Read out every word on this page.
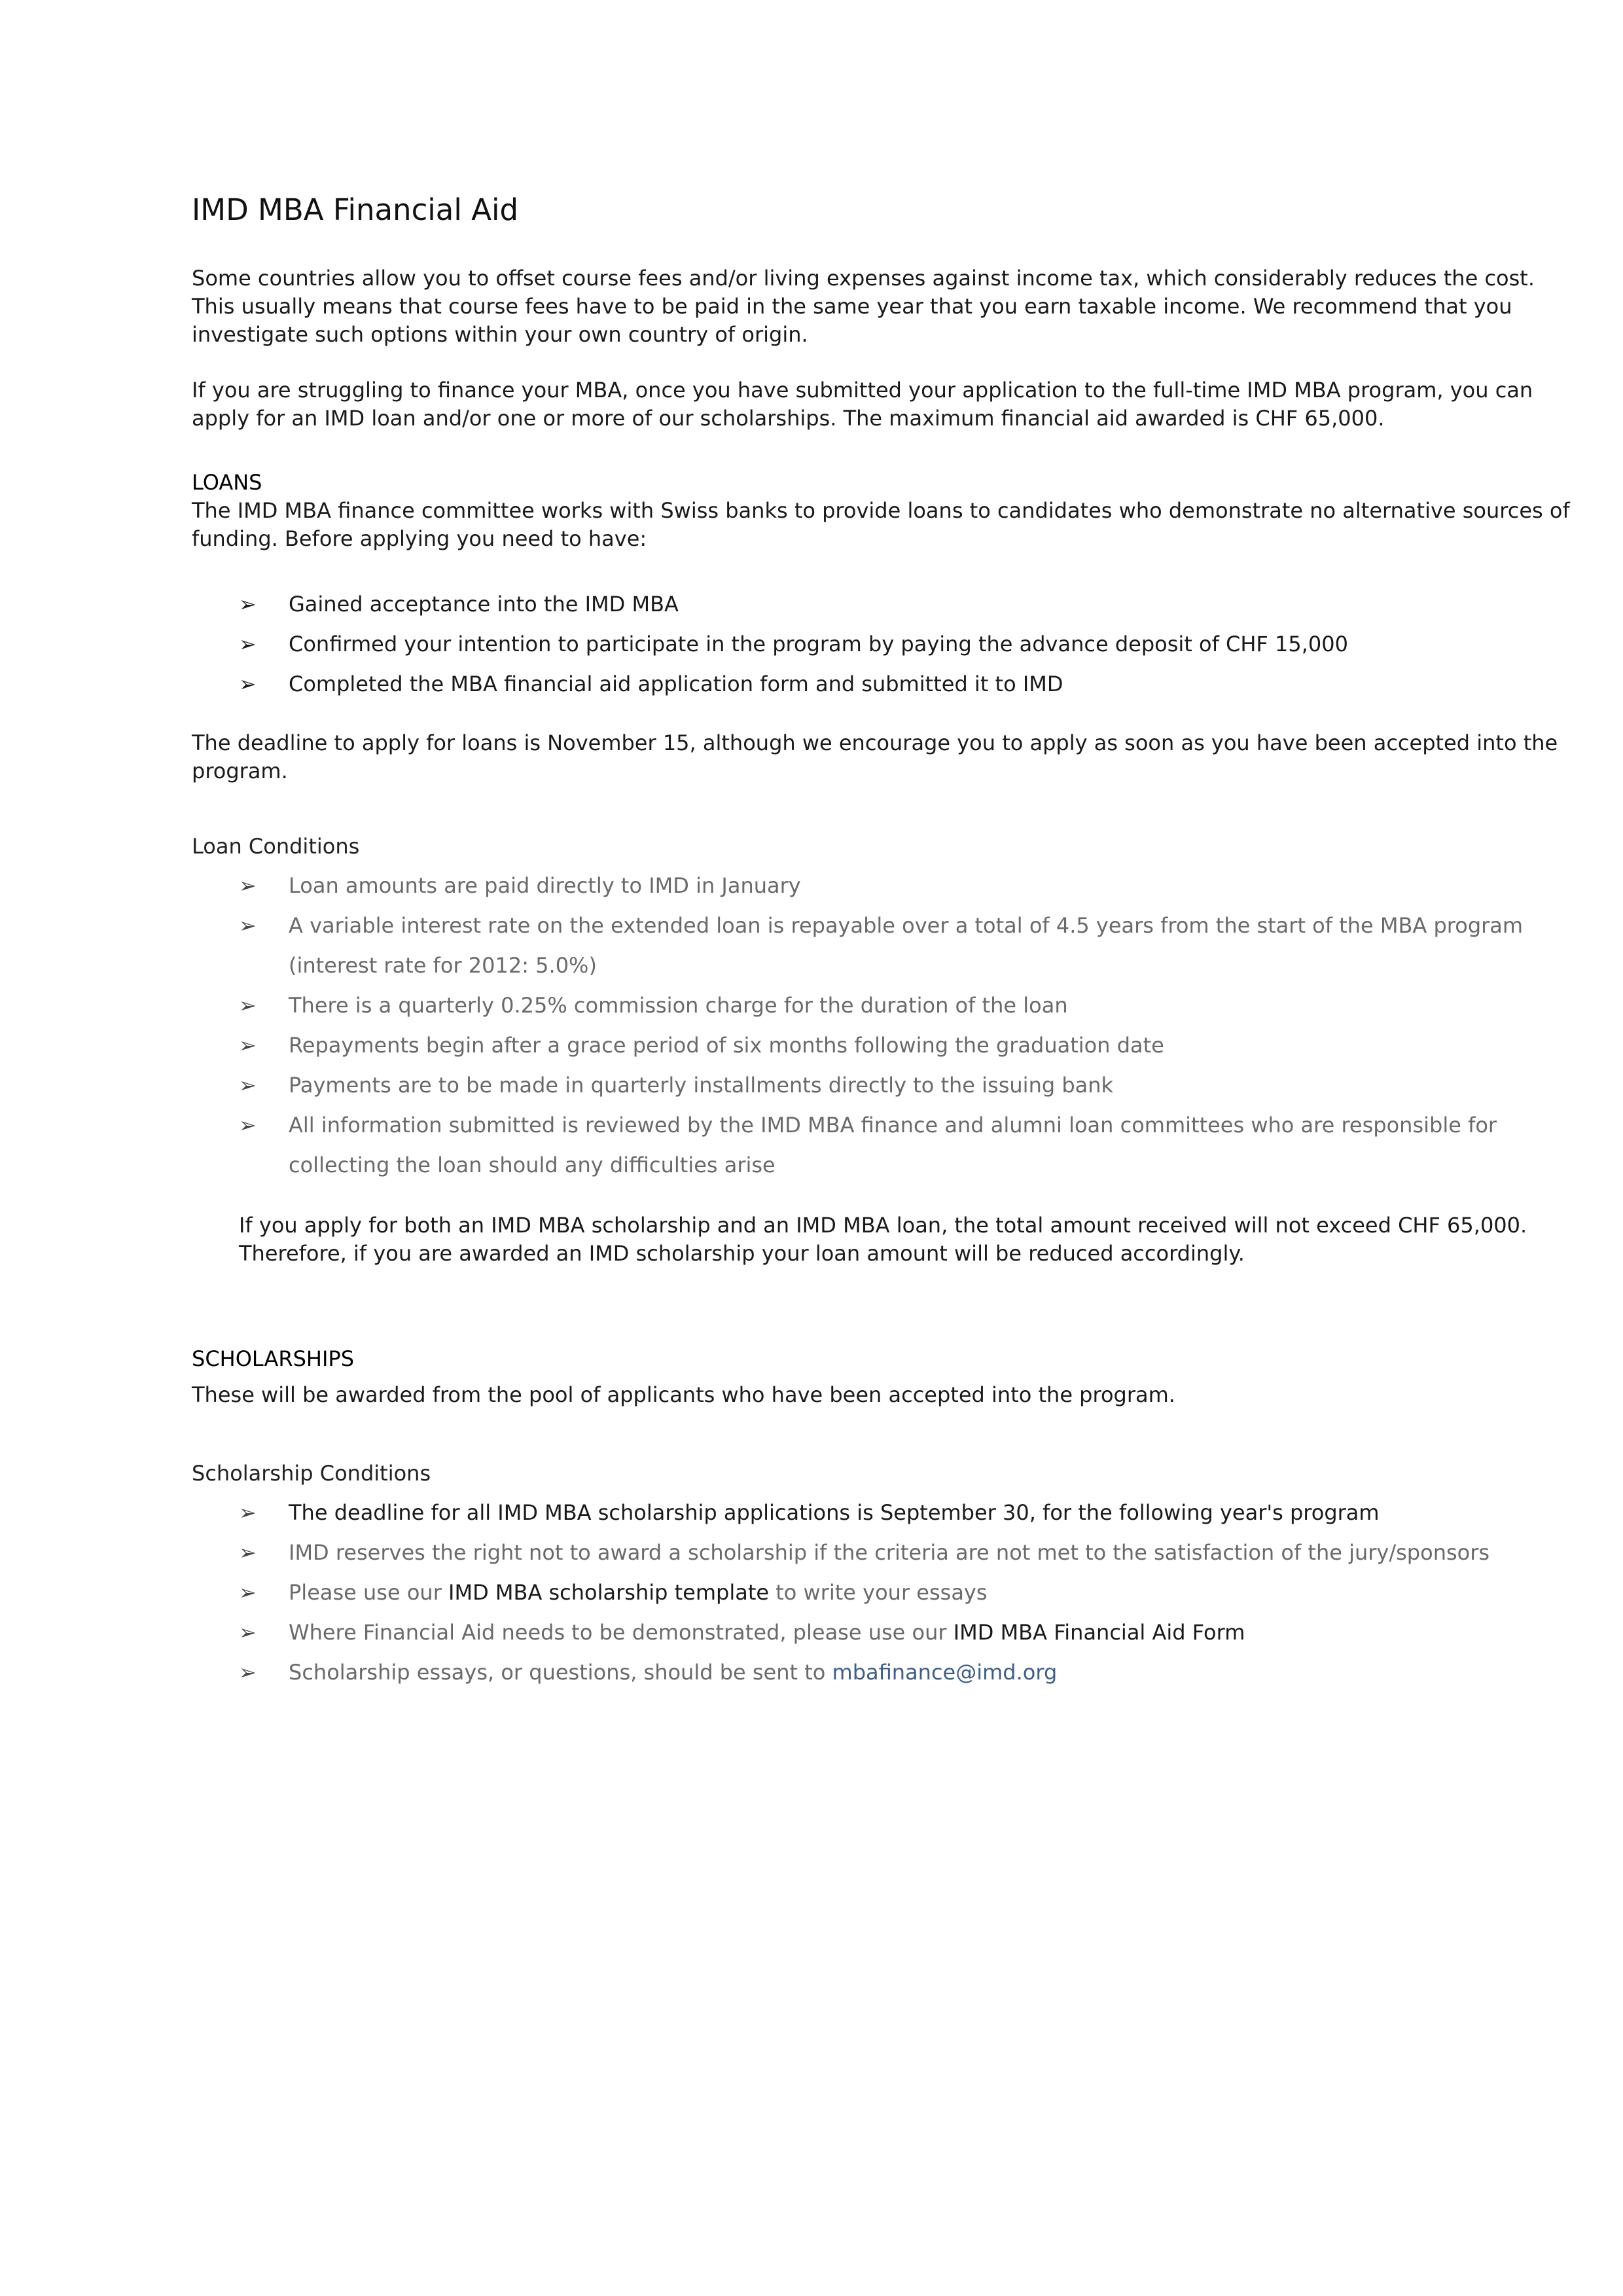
IMD MBA Financial Aid

Some countries allow you to offset course fees and/or living expenses against income tax, which considerably reduces the cost. This usually means that course fees have to be paid in the same year that you earn taxable income. We recommend that you investigate such options within your own country of origin.

If you are struggling to finance your MBA, once you have submitted your application to the full-time IMD MBA program, you can apply for an IMD loan and/or one or more of our scholarships. The maximum financial aid awarded is CHF 65,000.

LOANS

The IMD MBA finance committee works with Swiss banks to provide loans to candidates who demonstrate no alternative sources of funding. Before applying you need to have:

➢ Gained acceptance into the IMD MBA
➢ Confirmed your intention to participate in the program by paying the advance deposit of CHF 15,000
➢ Completed the MBA financial aid application form and submitted it to IMD

The deadline to apply for loans is November 15, although we encourage you to apply as soon as you have been accepted into the program.

Loan Conditions
➢ Loan amounts are paid directly to IMD in January
➢ A variable interest rate on the extended loan is repayable over a total of 4.5 years from the start of the MBA program (interest rate for 2012: 5.0%)
➢ There is a quarterly 0.25% commission charge for the duration of the loan
➢ Repayments begin after a grace period of six months following the graduation date
➢ Payments are to be made in quarterly installments directly to the issuing bank
➢ All information submitted is reviewed by the IMD MBA finance and alumni loan committees who are responsible for collecting the loan should any difficulties arise

If you apply for both an IMD MBA scholarship and an IMD MBA loan, the total amount received will not exceed CHF 65,000. Therefore, if you are awarded an IMD scholarship your loan amount will be reduced accordingly.

SCHOLARSHIPS

These will be awarded from the pool of applicants who have been accepted into the program.

Scholarship Conditions
➢ The deadline for all IMD MBA scholarship applications is September 30, for the following year's program
➢ IMD reserves the right not to award a scholarship if the criteria are not met to the satisfaction of the jury/sponsors
➢ Please use our IMD MBA scholarship template to write your essays
➢ Where Financial Aid needs to be demonstrated, please use our IMD MBA Financial Aid Form
➢ Scholarship essays, or questions, should be sent to mbafinance@imd.org
